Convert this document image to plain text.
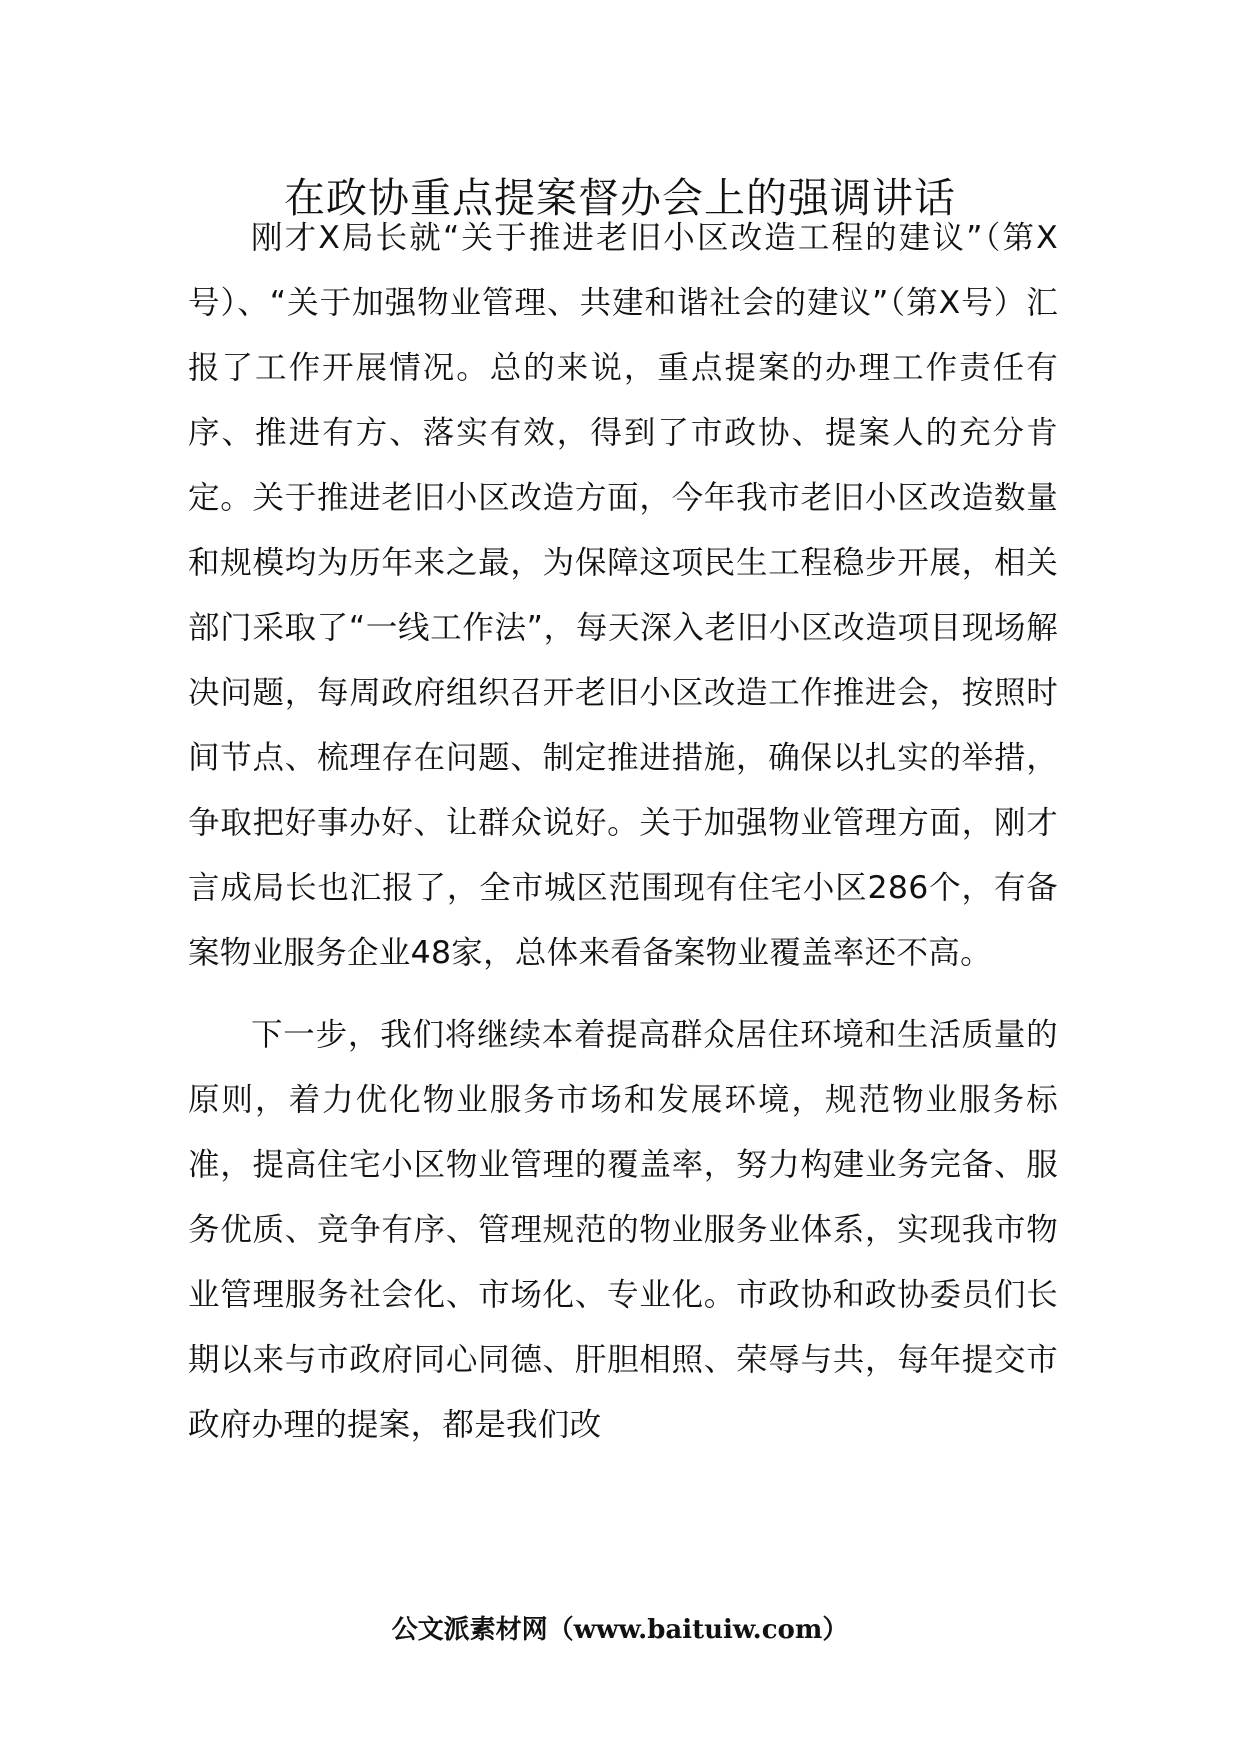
在政协重点提案督办会上的强调讲话

刚才X局长就“关于推进老旧小区改造工程的建议”（第X号）、“关于加强物业管理、共建和谐社会的建议”（第X号）汇报了工作开展情况。总的来说，重点提案的办理工作责任有序、推进有方、落实有效，得到了市政协、提案人的充分肯定。关于推进老旧小区改造方面，今年我市老旧小区改造数量和规模均为历年来之最，为保障这项民生工程稳步开展，相关部门采取了“一线工作法”，每天深入老旧小区改造项目现场解决问题，每周政府组织召开老旧小区改造工作推进会，按照时间节点、梳理存在问题、制定推进措施，确保以扎实的举措，争取把好事办好、让群众说好。关于加强物业管理方面，刚才言成局长也汇报了，全市城区范围现有住宅小区286个，有备案物业服务企业48家，总体来看备案物业覆盖率还不高。

下一步，我们将继续本着提高群众居住环境和生活质量的原则，着力优化物业服务市场和发展环境，规范物业服务标准，提高住宅小区物业管理的覆盖率，努力构建业务完备、服务优质、竞争有序、管理规范的物业服务业体系，实现我市物业管理服务社会化、市场化、专业化。市政协和政协委员们长期以来与市政府同心同德、肝胆相照、荣辱与共，每年提交市政府办理的提案，都是我们改

公文派素材网（www.baituiw.com）
